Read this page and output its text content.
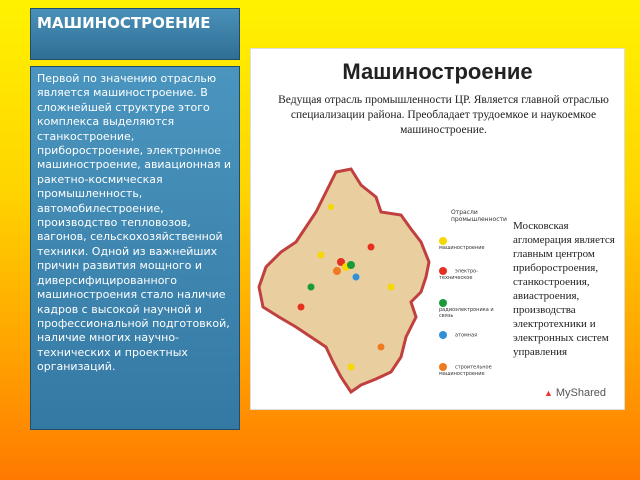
МАШИНОСТРОЕНИЕ
Первой по значению отраслью является машиностроение. В сложнейшей структуре этого комплекса выделяются станкостроение, приборостроение, электронное машиностроение, авиационная и ракетно-космическая промышленность, автомобилестроение, производство тепловозов, вагонов, сельскохозяйственной техники. Одной из важнейших причин развития мощного и диверсифицированного машиностроения стало наличие кадров с высокой научной и профессиональной подготовкой, наличие многих научно-технических и проектных организаций.
Машиностроение
Ведущая отрасль промышленности ЦР. Является главной отраслью специализации района. Преобладает трудоемкое и наукоемкое машиностроение.
Отрасли промышленности
машиностроение
электро-техническое
радиоэлектроника и связь
атомная
строительное машиностроение
Московская агломерация является главным центром приборостроения, станкостроения, авиастроения, производства электротехники и электронных систем управления
▲ MyShared
